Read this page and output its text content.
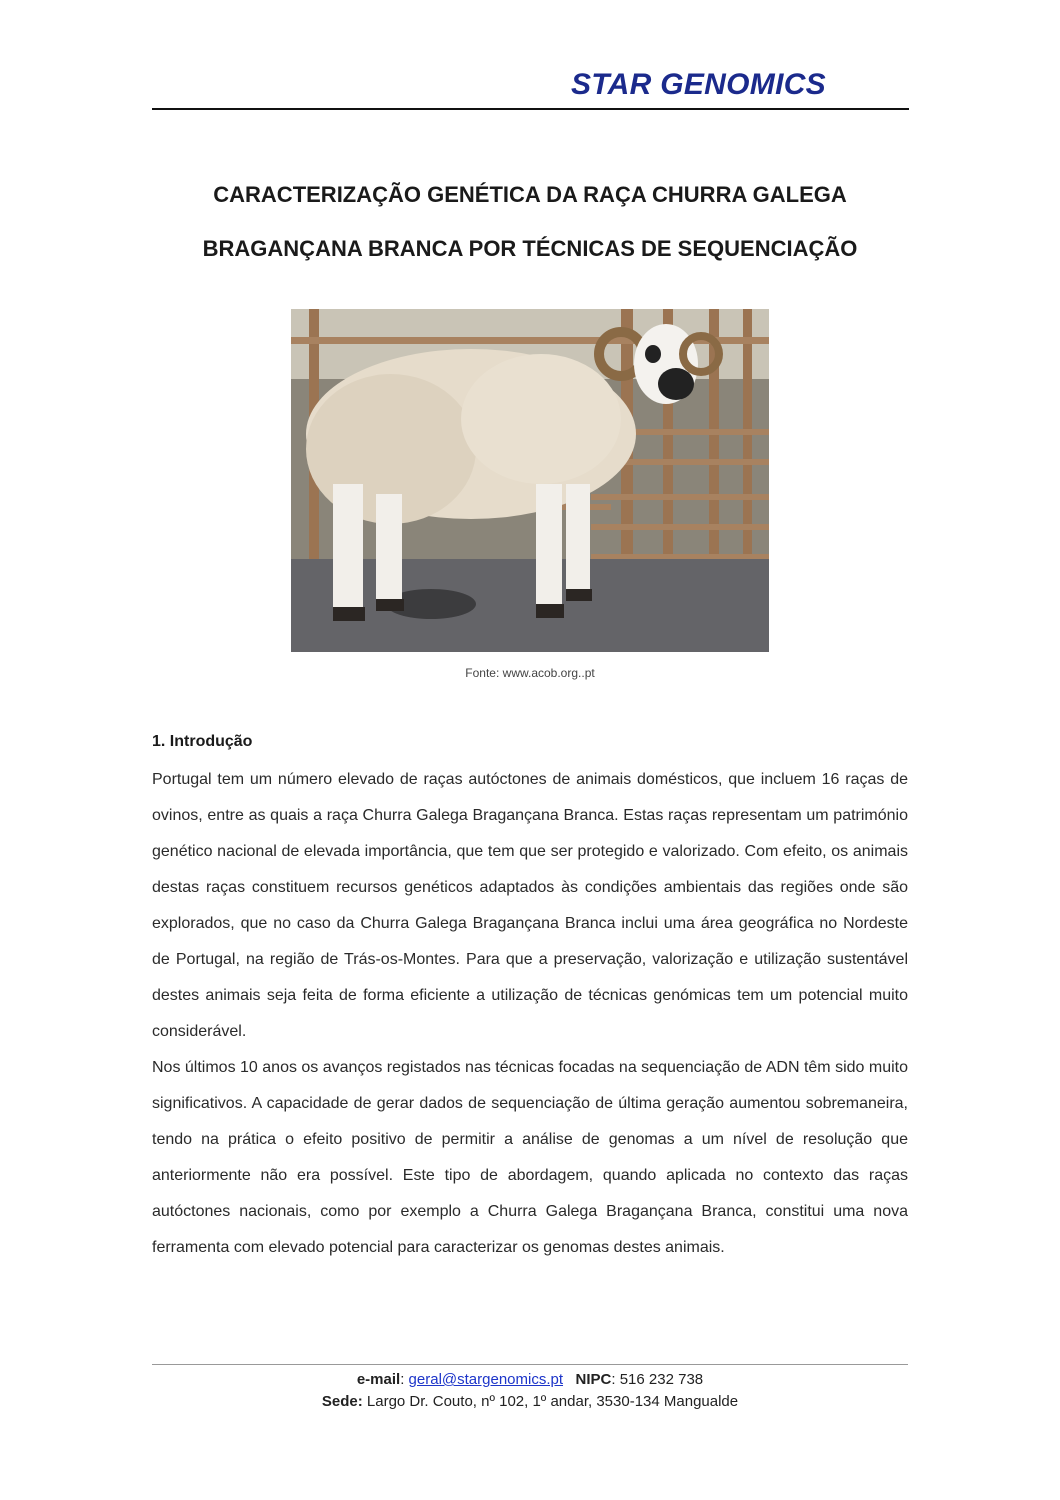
STAR GENOMICS
CARACTERIZAÇÃO GENÉTICA DA RAÇA CHURRA GALEGA
BRAGANÇANA BRANCA POR TÉCNICAS DE SEQUENCIAÇÃO
Fonte: www.acob.org..pt
1. Introdução

Portugal tem um número elevado de raças autóctones de animais domésticos, que incluem 16 raças de ovinos, entre as quais a raça Churra Galega Bragançana Branca. Estas raças representam um património genético nacional de elevada importância, que tem que ser protegido e valorizado. Com efeito, os animais destas raças constituem recursos genéticos adaptados às condições ambientais das regiões onde são explorados, que no caso da Churra Galega Bragançana Branca inclui uma área geográfica no Nordeste de Portugal, na região de Trás-os-Montes. Para que a preservação, valorização e utilização sustentável destes animais seja feita de forma eficiente a utilização de técnicas genómicas tem um potencial muito considerável.

Nos últimos 10 anos os avanços registados nas técnicas focadas na sequenciação de ADN têm sido muito significativos. A capacidade de gerar dados de sequenciação de última geração aumentou sobremaneira, tendo na prática o efeito positivo de permitir a análise de genomas a um nível de resolução que anteriormente não era possível. Este tipo de abordagem, quando aplicada no contexto das raças autóctones nacionais, como por exemplo a Churra Galega Bragançana Branca, constitui uma nova ferramenta com elevado potencial para caracterizar os genomas destes animais.

e-mail: geral@stargenomics.pt NIPC: 516 232 738
Sede: Largo Dr. Couto, nº 102, 1º andar, 3530-134 Mangualde
